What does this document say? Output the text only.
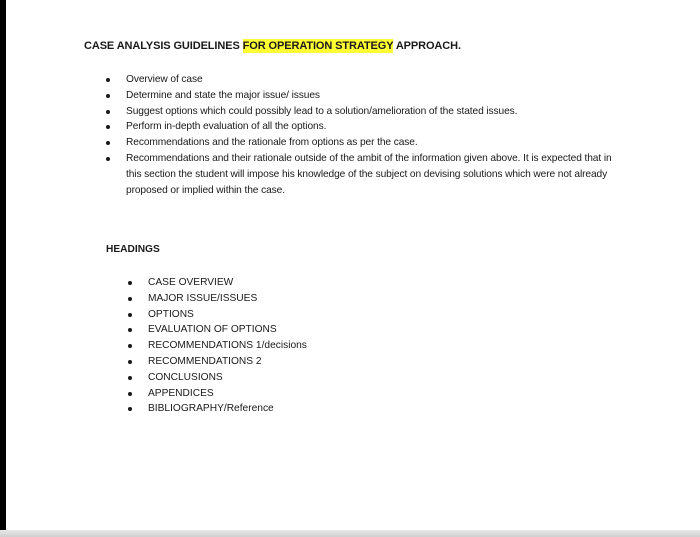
CASE ANALYSIS GUIDELINES FOR OPERATION STRATEGY APPROACH.
Overview of case
Determine and state the major issue/ issues
Suggest options which could possibly lead to a solution/amelioration of the stated issues.
Perform in-depth evaluation of all the options.
Recommendations and the rationale from options as per the case.
Recommendations and their rationale outside of the ambit of the information given above. It is expected that in this section the student will impose his knowledge of the subject on devising solutions which were not already proposed or implied within the case.
HEADINGS
CASE OVERVIEW
MAJOR ISSUE/ISSUES
OPTIONS
EVALUATION OF OPTIONS
RECOMMENDATIONS 1/decisions
RECOMMENDATIONS 2
CONCLUSIONS
APPENDICES
BIBLIOGRAPHY/Reference
